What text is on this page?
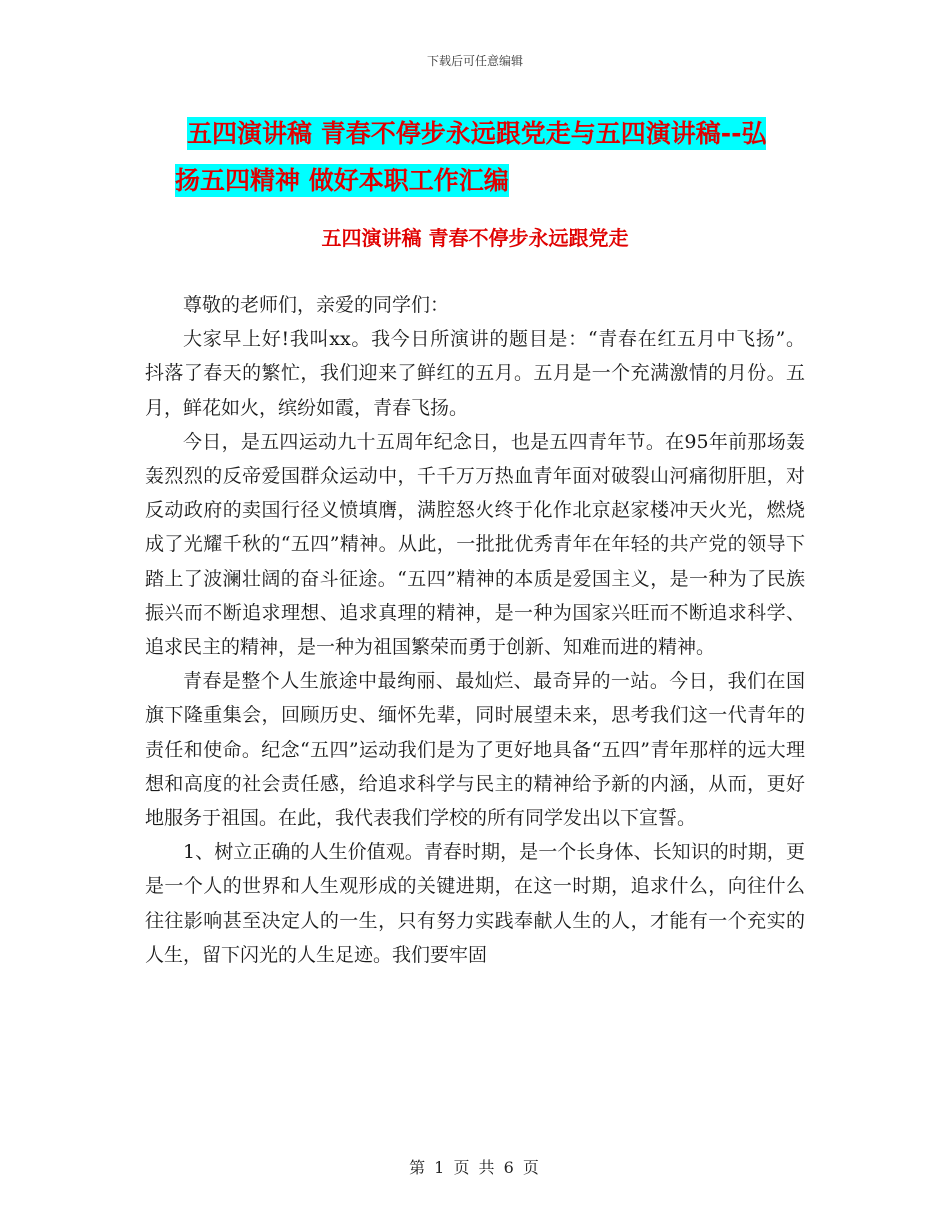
下载后可任意编辑
五四演讲稿 青春不停步永远跟党走与五四演讲稿--弘
扬五四精神 做好本职工作汇编
五四演讲稿 青春不停步永远跟党走

尊敬的老师们，亲爱的同学们：

大家早上好!我叫xx。我今日所演讲的题目是：“青春在红五月中飞扬”。 抖落了春天的繁忙，我们迎来了鲜红的五月。五月是一个充满激情的月份。五月，鲜花如火，缤纷如霞，青春飞扬。

今日，是五四运动九十五周年纪念日，也是五四青年节。在95年前那场轰轰烈烈的反帝爱国群众运动中，千千万万热血青年面对破裂山河痛彻肝胆，对反动政府的卖国行径义愤填膺，满腔怒火终于化作北京赵家楼冲天火光，燃烧成了光耀千秋的“五四”精神。从此，一批批优秀青年在年轻的共产党的领导下踏上了波澜壮阔的奋斗征途。“五四”精神的本质是爱国主义，是一种为了民族振兴而不断追求理想、追求真理的精神，是一种为国家兴旺而不断追求科学、追求民主的精神，是一种为祖国繁荣而勇于创新、知难而进的精神。

青春是整个人生旅途中最绚丽、最灿烂、最奇异的一站。今日，我们在国旗下隆重集会，回顾历史、缅怀先辈，同时展望未来，思考我们这一代青年的责任和使命。纪念“五四”运动我们是为了更好地具备“五四”青年那样的远大理想和高度的社会责任感，给追求科学与民主的精神给予新的内涵，从而，更好地服务于祖国。在此，我代表我们学校的所有同学发出以下宣誓。

1、树立正确的人生价值观。青春时期，是一个长身体、长知识的时期，更是一个人的世界和人生观形成的关键进期，在这一时期，追求什么，向往什么往往影响甚至决定人的一生，只有努力实践奉献人生的人，才能有一个充实的人生，留下闪光的人生足迹。我们要牢固

第 1 页 共 6 页
